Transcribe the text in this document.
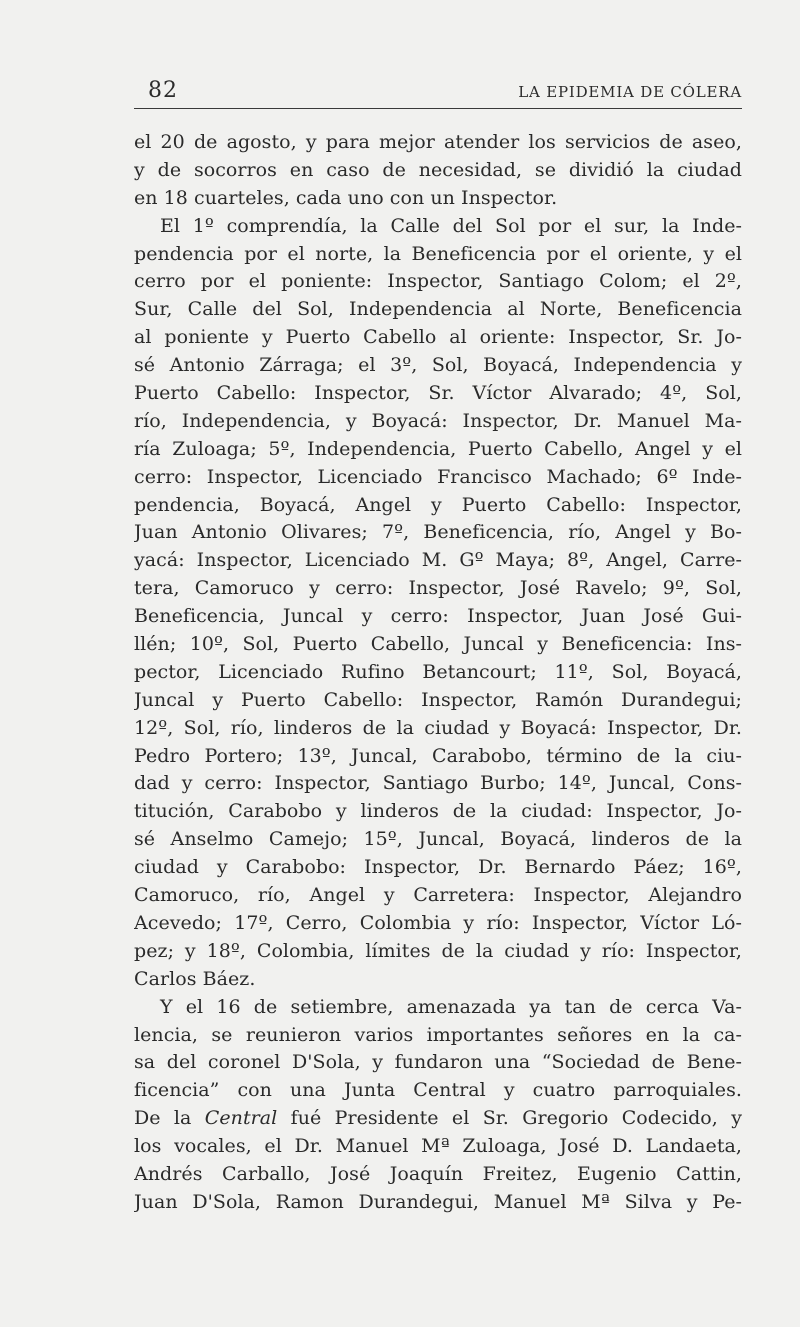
82	LA EPIDEMIA DE CÓLERA
el 20 de agosto, y para mejor atender los servicios de aseo,
y de socorros en caso de necesidad, se dividió la ciudad
en 18 cuarteles, cada uno con un Inspector.
El 1º comprendía, la Calle del Sol por el sur, la Inde-
pendencia por el norte, la Beneficencia por el oriente, y el
cerro por el poniente: Inspector, Santiago Colom; el 2º,
Sur, Calle del Sol, Independencia al Norte, Beneficencia
al poniente y Puerto Cabello al oriente: Inspector, Sr. Jo-
sé Antonio Zárraga; el 3º, Sol, Boyacá, Independencia y
Puerto Cabello: Inspector, Sr. Víctor Alvarado; 4º, Sol,
río, Independencia, y Boyacá: Inspector, Dr. Manuel Ma-
ría Zuloaga; 5º, Independencia, Puerto Cabello, Angel y el
cerro: Inspector, Licenciado Francisco Machado; 6º Inde-
pendencia, Boyacá, Angel y Puerto Cabello: Inspector,
Juan Antonio Olivares; 7º, Beneficencia, río, Angel y Bo-
yacá: Inspector, Licenciado M. Gº Maya; 8º, Angel, Carre-
tera, Camoruco y cerro: Inspector, José Ravelo; 9º, Sol,
Beneficencia, Juncal y cerro: Inspector, Juan José Gui-
llén; 10º, Sol, Puerto Cabello, Juncal y Beneficencia: Ins-
pector, Licenciado Rufino Betancourt; 11º, Sol, Boyacá,
Juncal y Puerto Cabello: Inspector, Ramón Durandegui;
12º, Sol, río, linderos de la ciudad y Boyacá: Inspector, Dr.
Pedro Portero; 13º, Juncal, Carabobo, término de la ciu-
dad y cerro: Inspector, Santiago Burbo; 14º, Juncal, Cons-
titución, Carabobo y linderos de la ciudad: Inspector, Jo-
sé Anselmo Camejo; 15º, Juncal, Boyacá, linderos de la
ciudad y Carabobo: Inspector, Dr. Bernardo Páez; 16º,
Camoruco, río, Angel y Carretera: Inspector, Alejandro
Acevedo; 17º, Cerro, Colombia y río: Inspector, Víctor Ló-
pez; y 18º, Colombia, límites de la ciudad y río: Inspector,
Carlos Báez.
Y el 16 de setiembre, amenazada ya tan de cerca Va-
lencia, se reunieron varios importantes señores en la ca-
sa del coronel D'Sola, y fundaron una “Sociedad de Bene-
ficencia” con una Junta Central y cuatro parroquiales.
De la Central fué Presidente el Sr. Gregorio Codecido, y
los vocales, el Dr. Manuel Mª Zuloaga, José D. Landaeta,
Andrés Carballo, José Joaquín Freitez, Eugenio Cattin,
Juan D'Sola, Ramon Durandegui, Manuel Mª Silva y Pe-
